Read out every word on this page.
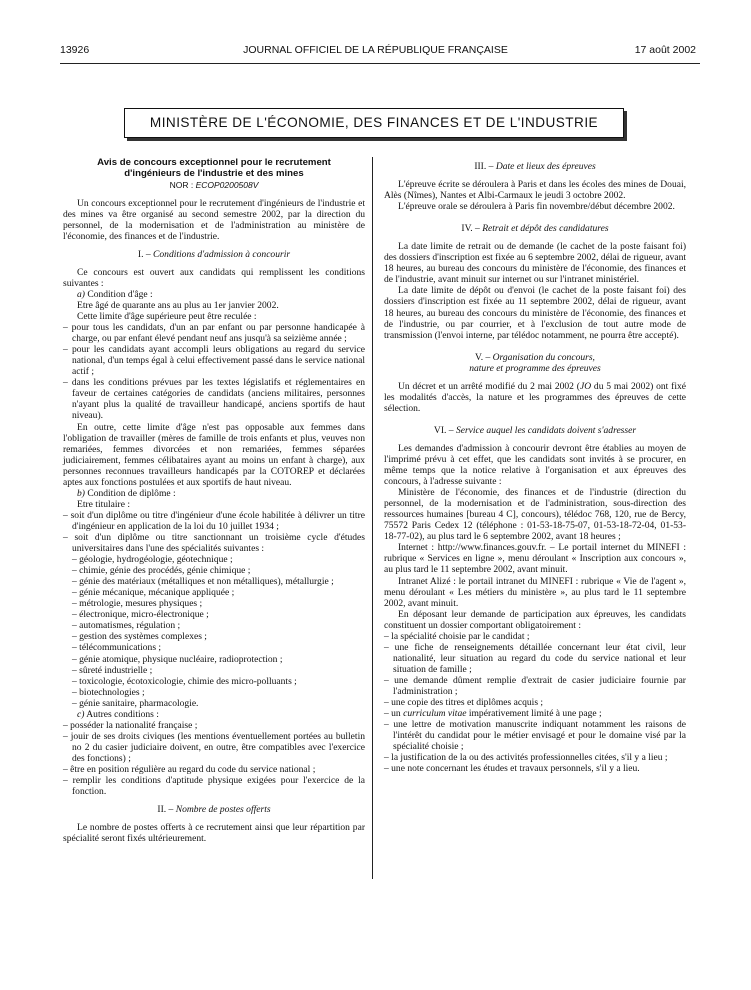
13926	JOURNAL OFFICIEL DE LA RÉPUBLIQUE FRANÇAISE	17 août 2002
MINISTÈRE DE L'ÉCONOMIE, DES FINANCES ET DE L'INDUSTRIE

Avis de concours exceptionnel pour le recrutement

d'ingénieurs de l'industrie et des mines

NOR : ECOP0200508V

Un concours exceptionnel pour le recrutement d'ingénieurs de l'industrie et des mines va être organisé au second semestre 2002, par la direction du personnel, de la modernisation et de l'administration au ministère de l'économie, des finances et de l'industrie.

I. – Conditions d'admission à concourir

Ce concours est ouvert aux candidats qui remplissent les conditions suivantes :

a) Condition d'âge :

Etre âgé de quarante ans au plus au 1er janvier 2002.

Cette limite d'âge supérieure peut être reculée :

– pour tous les candidats, d'un an par enfant ou par personne handicapée à charge, ou par enfant élevé pendant neuf ans jusqu'à sa seizième année ;

– pour les candidats ayant accompli leurs obligations au regard du service national, d'un temps égal à celui effectivement passé dans le service national actif ;

– dans les conditions prévues par les textes législatifs et réglementaires en faveur de certaines catégories de candidats (anciens militaires, personnes n'ayant plus la qualité de travailleur handicapé, anciens sportifs de haut niveau).

En outre, cette limite d'âge n'est pas opposable aux femmes dans l'obligation de travailler (mères de famille de trois enfants et plus, veuves non remariées, femmes divorcées et non remariées, femmes séparées judiciairement, femmes célibataires ayant au moins un enfant à charge), aux personnes reconnues travailleurs handicapés par la COTOREP et déclarées aptes aux fonctions postulées et aux sportifs de haut niveau.

b) Condition de diplôme :

Etre titulaire :

– soit d'un diplôme ou titre d'ingénieur d'une école habilitée à délivrer un titre d'ingénieur en application de la loi du 10 juillet 1934 ;

– soit d'un diplôme ou titre sanctionnant un troisième cycle d'études universitaires dans l'une des spécialités suivantes :

– géologie, hydrogéologie, géotechnique ;

– chimie, génie des procédés, génie chimique ;

– génie des matériaux (métalliques et non métalliques), métallurgie ;

– génie mécanique, mécanique appliquée ;

– métrologie, mesures physiques ;

– électronique, micro-électronique ;

– automatismes, régulation ;

– gestion des systèmes complexes ;

– télécommunications ;

– génie atomique, physique nucléaire, radioprotection ;

– sûreté industrielle ;

– toxicologie, écotoxicologie, chimie des micro-polluants ;

– biotechnologies ;

– génie sanitaire, pharmacologie.

c) Autres conditions :

– posséder la nationalité française ;

– jouir de ses droits civiques (les mentions éventuellement portées au bulletin no 2 du casier judiciaire doivent, en outre, être compatibles avec l'exercice des fonctions) ;

– être en position régulière au regard du code du service national ;

– remplir les conditions d'aptitude physique exigées pour l'exercice de la fonction.

II. – Nombre de postes offerts

Le nombre de postes offerts à ce recrutement ainsi que leur répartition par spécialité seront fixés ultérieurement.

III. – Date et lieux des épreuves

L'épreuve écrite se déroulera à Paris et dans les écoles des mines de Douai, Alès (Nîmes), Nantes et Albi-Carmaux le jeudi 3 octobre 2002.

L'épreuve orale se déroulera à Paris fin novembre/début décembre 2002.

IV. – Retrait et dépôt des candidatures

La date limite de retrait ou de demande (le cachet de la poste faisant foi) des dossiers d'inscription est fixée au 6 septembre 2002, délai de rigueur, avant 18 heures, au bureau des concours du ministère de l'économie, des finances et de l'industrie, avant minuit sur internet ou sur l'intranet ministériel.

La date limite de dépôt ou d'envoi (le cachet de la poste faisant foi) des dossiers d'inscription est fixée au 11 septembre 2002, délai de rigueur, avant 18 heures, au bureau des concours du ministère de l'économie, des finances et de l'industrie, ou par courrier, et à l'exclusion de tout autre mode de transmission (l'envoi interne, par télédoc notamment, ne pourra être accepté).

V. – Organisation du concours,

nature et programme des épreuves

Un décret et un arrêté modifié du 2 mai 2002 (JO du 5 mai 2002) ont fixé les modalités d'accès, la nature et les programmes des épreuves de cette sélection.

VI. – Service auquel les candidats doivent s'adresser

Les demandes d'admission à concourir devront être établies au moyen de l'imprimé prévu à cet effet, que les candidats sont invités à se procurer, en même temps que la notice relative à l'organisation et aux épreuves des concours, à l'adresse suivante :

Ministère de l'économie, des finances et de l'industrie (direction du personnel, de la modernisation et de l'administration, sous-direction des ressources humaines [bureau 4 C], concours), télédoc 768, 120, rue de Bercy, 75572 Paris Cedex 12 (téléphone : 01-53-18-75-07, 01-53-18-72-04, 01-53-18-77-02), au plus tard le 6 septembre 2002, avant 18 heures ;

Internet : http://www.finances.gouv.fr. – Le portail internet du MINEFI : rubrique « Services en ligne », menu déroulant « Inscription aux concours », au plus tard le 11 septembre 2002, avant minuit.

Intranet Alizé : le portail intranet du MINEFI : rubrique « Vie de l'agent », menu déroulant « Les métiers du ministère », au plus tard le 11 septembre 2002, avant minuit.

En déposant leur demande de participation aux épreuves, les candidats constituent un dossier comportant obligatoirement :

– la spécialité choisie par le candidat ;

– une fiche de renseignements détaillée concernant leur état civil, leur nationalité, leur situation au regard du code du service national et leur situation de famille ;

– une demande dûment remplie d'extrait de casier judiciaire fournie par l'administration ;

– une copie des titres et diplômes acquis ;

– un curriculum vitae impérativement limité à une page ;

– une lettre de motivation manuscrite indiquant notamment les raisons de l'intérêt du candidat pour le métier envisagé et pour le domaine visé par la spécialité choisie ;

– la justification de la ou des activités professionnelles citées, s'il y a lieu ;

– une note concernant les études et travaux personnels, s'il y a lieu.
